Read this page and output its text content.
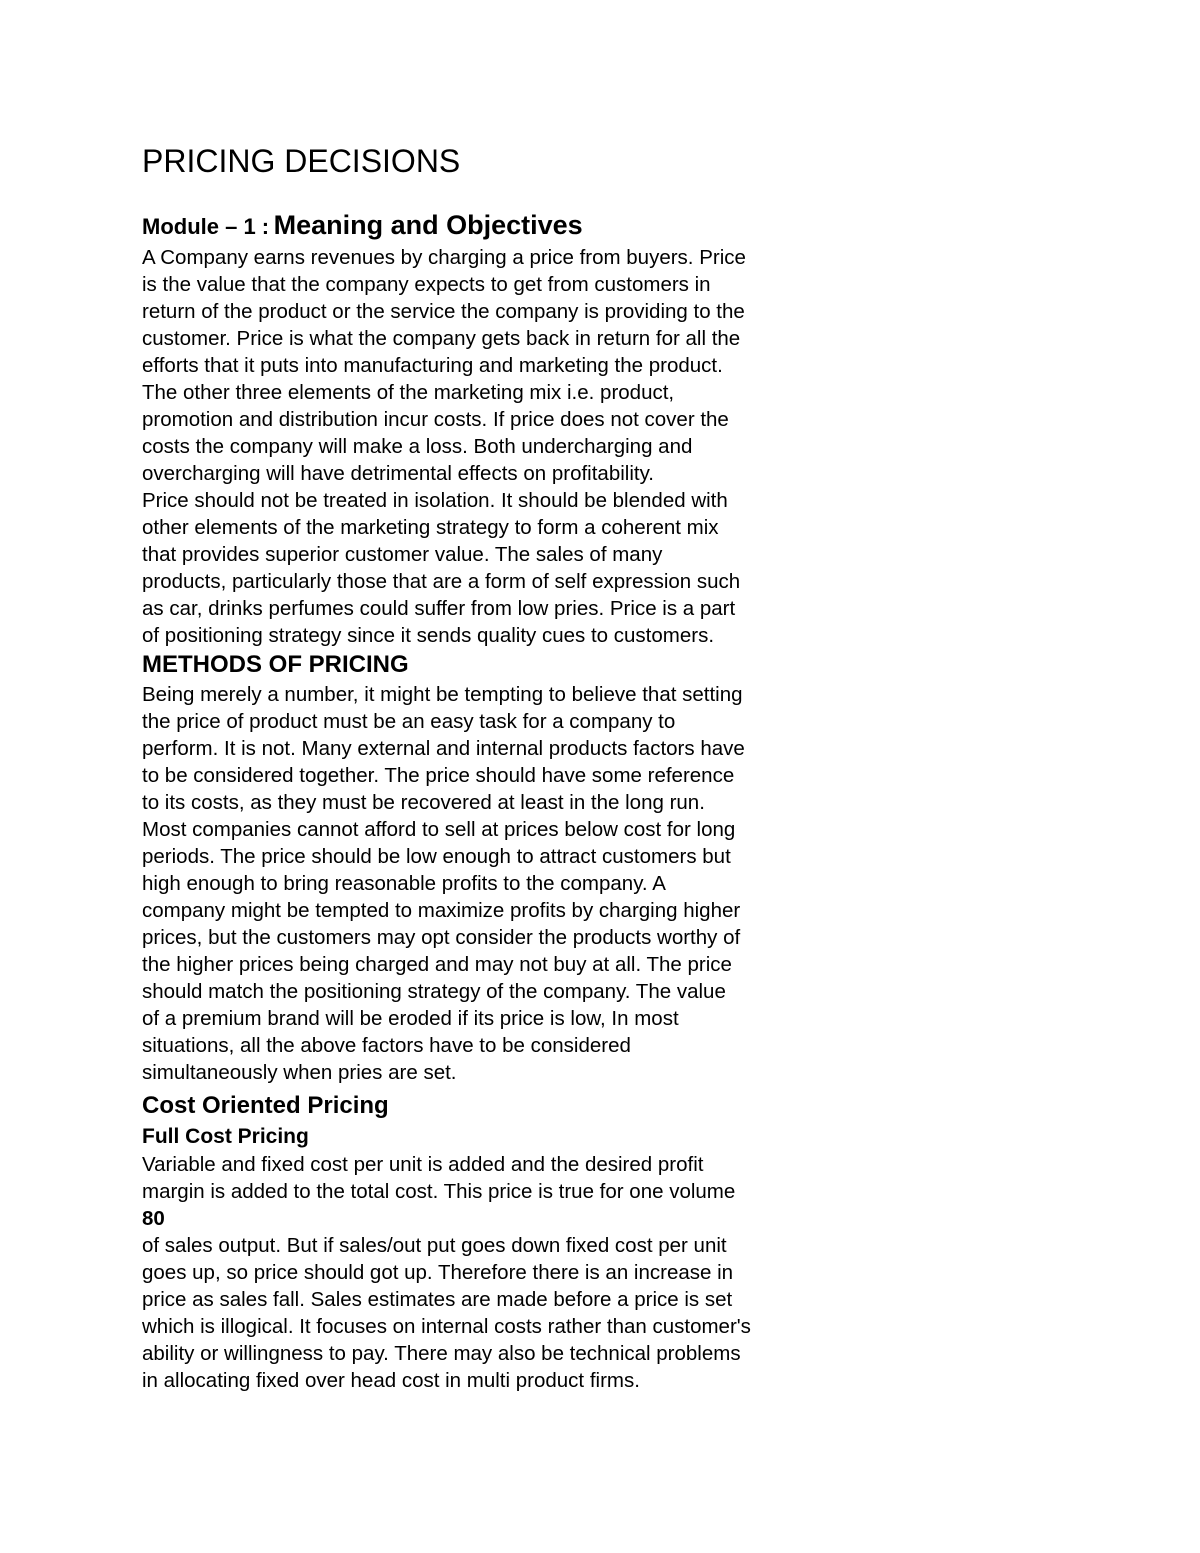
PRICING DECISIONS
Module – 1 : Meaning and Objectives
A Company earns revenues by charging a price from buyers. Price
is the value that the company expects to get from customers in
return of the product or the service the company is providing to the
customer. Price is what the company gets back in return for all the
efforts that it puts into manufacturing and marketing the product.
The other three elements of the marketing mix i.e. product,
promotion and distribution incur costs. If price does not cover the
costs the company will make a loss. Both undercharging and
overcharging will have detrimental effects on profitability.
Price should not be treated in isolation. It should be blended with
other elements of the marketing strategy to form a coherent mix
that provides superior customer value. The sales of many
products, particularly those that are a form of self expression such
as car, drinks perfumes could suffer from low pries. Price is a part
of positioning strategy since it sends quality cues to customers.
METHODS OF PRICING
Being merely a number, it might be tempting to believe that setting
the price of product must be an easy task for a company to
perform. It is not. Many external and internal products factors have
to be considered together. The price should have some reference
to its costs, as they must be recovered at least in the long run.
Most companies cannot afford to sell at prices below cost for long
periods. The price should be low enough to attract customers but
high enough to bring reasonable profits to the company. A
company might be tempted to maximize profits by charging higher
prices, but the customers may opt consider the products worthy of
the higher prices being charged and may not buy at all. The price
should match the positioning strategy of the company. The value
of a premium brand will be eroded if its price is low, In most
situations, all the above factors have to be considered
simultaneously when pries are set.
Cost Oriented Pricing
Full Cost Pricing
Variable and fixed cost per unit is added and the desired profit
margin is added to the total cost. This price is true for one volume
80
of sales output. But if sales/out put goes down fixed cost per unit
goes up, so price should got up. Therefore there is an increase in
price as sales fall. Sales estimates are made before a price is set
which is illogical. It focuses on internal costs rather than customer's
ability or willingness to pay. There may also be technical problems
in allocating fixed over head cost in multi product firms.
